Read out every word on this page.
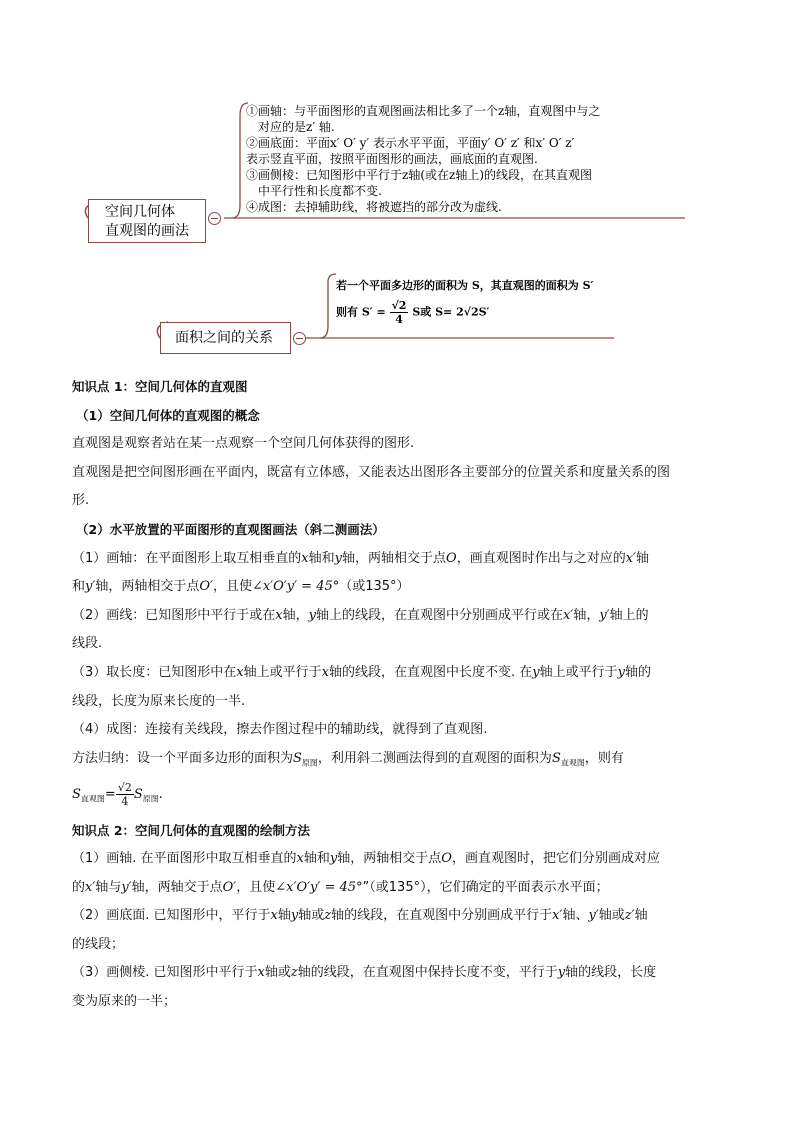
①画轴：与平面图形的直观图画法相比多了一个z轴，直观图中与之
　对应的是z′ 轴.
②画底面：平面x′ O′ y′ 表示水平平面，平面y′ O′ z′ 和x′ O′ z′
表示竖直平面，按照平面图形的画法，画底面的直观图.
③画侧棱：已知图形中平行于z轴(或在z轴上)的线段，在其直观图
　中平行性和长度都不变.
④成图：去掉辅助线，将被遮挡的部分改为虚线.
空间几何体
直观图的画法
若一个平面多边形的面积为 S，其直观图的面积为 S′
则有 $S' = \frac{√2}{4}$ S或 S= 2√2S′
面积之间的关系

知识点 1：空间几何体的直观图

（1）空间几何体的直观图的概念

直观图是观察者站在某一点观察一个空间几何体获得的图形.

直观图是把空间图形画在平面内，既富有立体感，又能表达出图形各主要部分的位置关系和度量关系的图

形.

（2）水平放置的平面图形的直观图画法（斜二测画法）

（1）画轴：在平面图形上取互相垂直的x轴和y轴，两轴相交于点O，画直观图时作出与之对应的x′轴

和y′轴，两轴相交于点O′，且使∠x′O′y′ = 45°（或135°）

（2）画线：已知图形中平行于或在x轴，y轴上的线段，在直观图中分别画成平行或在x′轴，y′轴上的

线段.

（3）取长度：已知图形中在x轴上或平行于x轴的线段，在直观图中长度不变. 在y轴上或平行于y轴的

线段，长度为原来长度的一半.

（4）成图：连接有关线段，擦去作图过程中的辅助线，就得到了直观图.

方法归纳：设一个平面多边形的面积为$S_{原图}$，利用斜二测画法得到的直观图的面积为$S_{直观图}$，则有

$S_{直观图}= \frac{√2}{4} S_{原图}$.

知识点 2：空间几何体的直观图的绘制方法

（1）画轴. 在平面图形中取互相垂直的x轴和y轴，两轴相交于点O，画直观图时，把它们分别画成对应

的x′轴与y′轴，两轴交于点O′，且使∠x′O′y′ = 45°”（或135°），它们确定的平面表示水平面；

（2）画底面. 已知图形中，平行于x轴y轴或z轴的线段，在直观图中分别画成平行于x′轴、y′轴或z′轴

的线段；

（3）画侧棱. 已知图形中平行于x轴或z轴的线段，在直观图中保持长度不变，平行于y轴的线段，长度

变为原来的一半；
